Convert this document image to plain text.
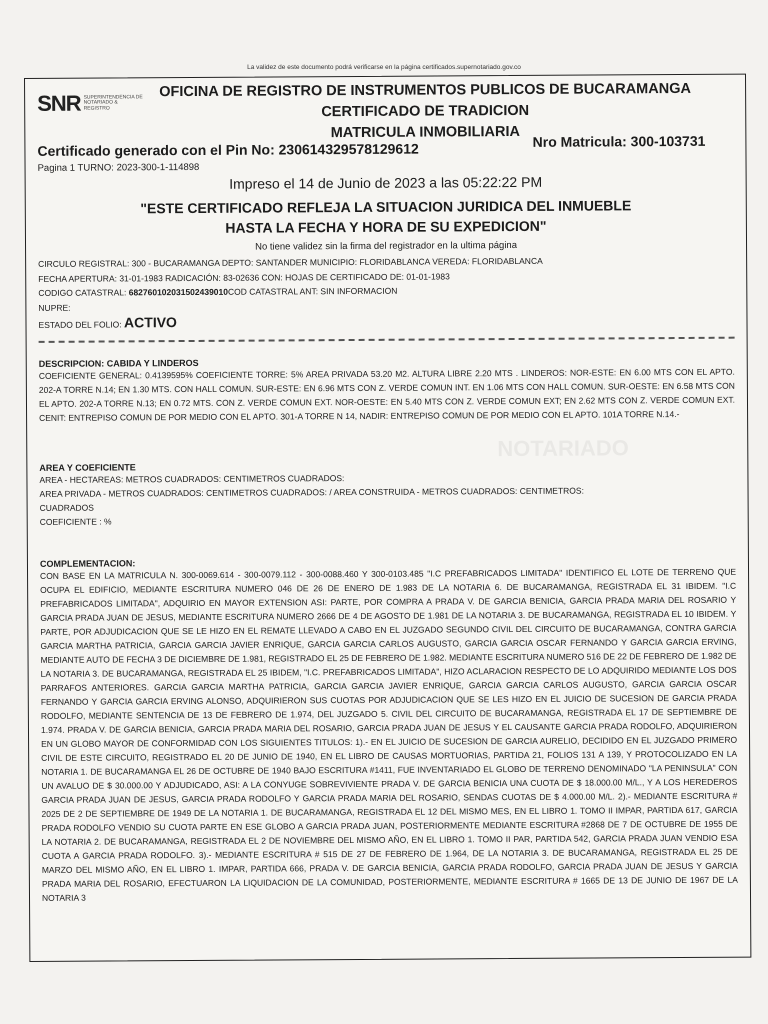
La validez de este documento podrá verificarse en la página certificados.supernotariado.gov.co
SNR SUPERINTENDENCIA DE NOTARIADO & REGISTRO
OFICINA DE REGISTRO DE INSTRUMENTOS PUBLICOS DE BUCARAMANGA
CERTIFICADO DE TRADICION
MATRICULA INMOBILIARIA
Certificado generado con el Pin No: 230614329578129612	Nro Matricula: 300-103731
Pagina 1 TURNO: 2023-300-1-114898
Impreso el 14 de Junio de 2023 a las 05:22:22 PM
"ESTE CERTIFICADO REFLEJA LA SITUACION JURIDICA DEL INMUEBLE
HASTA LA FECHA Y HORA DE SU EXPEDICION"
No tiene validez sin la firma del registrador en la ultima página
CIRCULO REGISTRAL: 300 - BUCARAMANGA DEPTO: SANTANDER MUNICIPIO: FLORIDABLANCA VEREDA: FLORIDABLANCA
FECHA APERTURA: 31-01-1983 RADICACIÓN: 83-02636 CON: HOJAS DE CERTIFICADO DE: 01-01-1983
CODIGO CATASTRAL: 682760102031502439010COD CATASTRAL ANT: SIN INFORMACION
NUPRE:
ESTADO DEL FOLIO: ACTIVO
NOTARIADO
DESCRIPCION: CABIDA Y LINDEROS
COEFICIENTE GENERAL: 0.4139595% COEFICIENTE TORRE: 5% AREA PRIVADA 53.20 M2. ALTURA LIBRE 2.20 MTS . LINDEROS: NOR-ESTE: EN 6.00 MTS CON EL APTO. 202-A TORRE N.14; EN 1.30 MTS. CON HALL COMUN. SUR-ESTE: EN 6.96 MTS CON Z. VERDE COMUN INT. EN 1.06 MTS CON HALL COMUN. SUR-OESTE: EN 6.58 MTS CON EL APTO. 202-A TORRE N.13; EN 0.72 MTS. CON Z. VERDE COMUN EXT. NOR-OESTE: EN 5.40 MTS CON Z. VERDE COMUN EXT; EN 2.62 MTS CON Z. VERDE COMUN EXT. CENIT: ENTREPISO COMUN DE POR MEDIO CON EL APTO. 301-A TORRE N 14, NADIR: ENTREPISO COMUN DE POR MEDIO CON EL APTO. 101A TORRE N.14.-
AREA Y COEFICIENTE
AREA - HECTAREAS: METROS CUADRADOS: CENTIMETROS CUADRADOS:
AREA PRIVADA - METROS CUADRADOS: CENTIMETROS CUADRADOS: / AREA CONSTRUIDA - METROS CUADRADOS: CENTIMETROS:
CUADRADOS
COEFICIENTE : %
COMPLEMENTACION:
CON BASE EN LA MATRICULA N. 300-0069.614 - 300-0079.112 - 300-0088.460 Y 300-0103.485 "I.C PREFABRICADOS LIMITADA" IDENTIFICO EL LOTE DE TERRENO QUE OCUPA EL EDIFICIO, MEDIANTE ESCRITURA NUMERO 046 DE 26 DE ENERO DE 1.983 DE LA NOTARIA 6. DE BUCARAMANGA, REGISTRADA EL 31 IBIDEM. "I.C PREFABRICADOS LIMITADA", ADQUIRIO EN MAYOR EXTENSION ASI: PARTE, POR COMPRA A PRADA V. DE GARCIA BENICIA, GARCIA PRADA MARIA DEL ROSARIO Y GARCIA PRADA JUAN DE JESUS, MEDIANTE ESCRITURA NUMERO 2666 DE 4 DE AGOSTO DE 1.981 DE LA NOTARIA 3. DE BUCARAMANGA, REGISTRADA EL 10 IBIDEM. Y PARTE, POR ADJUDICACION QUE SE LE HIZO EN EL REMATE LLEVADO A CABO EN EL JUZGADO SEGUNDO CIVIL DEL CIRCUITO DE BUCARAMANGA, CONTRA GARCIA GARCIA MARTHA PATRICIA, GARCIA GARCIA JAVIER ENRIQUE, GARCIA GARCIA CARLOS AUGUSTO, GARCIA GARCIA OSCAR FERNANDO Y GARCIA GARCIA ERVING, MEDIANTE AUTO DE FECHA 3 DE DICIEMBRE DE 1.981, REGISTRADO EL 25 DE FEBRERO DE 1.982. MEDIANTE ESCRITURA NUMERO 516 DE 22 DE FEBRERO DE 1.982 DE LA NOTARIA 3. DE BUCARAMANGA, REGISTRADA EL 25 IBIDEM, "I.C. PREFABRICADOS LIMITADA", HIZO ACLARACION RESPECTO DE LO ADQUIRIDO MEDIANTE LOS DOS PARRAFOS ANTERIORES. GARCIA GARCIA MARTHA PATRICIA, GARCIA GARCIA JAVIER ENRIQUE, GARCIA GARCIA CARLOS AUGUSTO, GARCIA GARCIA OSCAR FERNANDO Y GARCIA GARCIA ERVING ALONSO, ADQUIRIERON SUS CUOTAS POR ADJUDICACION QUE SE LES HIZO EN EL JUICIO DE SUCESION DE GARCIA PRADA RODOLFO, MEDIANTE SENTENCIA DE 13 DE FEBRERO DE 1.974, DEL JUZGADO 5. CIVIL DEL CIRCUITO DE BUCARAMANGA, REGISTRADA EL 17 DE SEPTIEMBRE DE 1.974. PRADA V. DE GARCIA BENICIA, GARCIA PRADA MARIA DEL ROSARIO, GARCIA PRADA JUAN DE JESUS Y EL CAUSANTE GARCIA PRADA RODOLFO, ADQUIRIERON EN UN GLOBO MAYOR DE CONFORMIDAD CON LOS SIGUIENTES TITULOS: 1).- EN EL JUICIO DE SUCESION DE GARCIA AURELIO, DECIDIDO EN EL JUZGADO PRIMERO CIVIL DE ESTE CIRCUITO, REGISTRADO EL 20 DE JUNIO DE 1940, EN EL LIBRO DE CAUSAS MORTUORIAS, PARTIDA 21, FOLIOS 131 A 139, Y PROTOCOLIZADO EN LA NOTARIA 1. DE BUCARAMANGA EL 26 DE OCTUBRE DE 1940 BAJO ESCRITURA #1411, FUE INVENTARIADO EL GLOBO DE TERRENO DENOMINADO "LA PENINSULA" CON UN AVALUO DE $ 30.000.00 Y ADJUDICADO, ASI: A LA CONYUGE SOBREVIVIENTE PRADA V. DE GARCIA BENICIA UNA CUOTA DE $ 18.000.00 M/L., Y A LOS HEREDEROS GARCIA PRADA JUAN DE JESUS, GARCIA PRADA RODOLFO Y GARCIA PRADA MARIA DEL ROSARIO, SENDAS CUOTAS DE $ 4.000.00 M/L. 2).- MEDIANTE ESCRITURA # 2025 DE 2 DE SEPTIEMBRE DE 1949 DE LA NOTARIA 1. DE BUCARAMANGA, REGISTRADA EL 12 DEL MISMO MES, EN EL LIBRO 1. TOMO II IMPAR, PARTIDA 617, GARCIA PRADA RODOLFO VENDIO SU CUOTA PARTE EN ESE GLOBO A GARCIA PRADA JUAN, POSTERIORMENTE MEDIANTE ESCRITURA #2868 DE 7 DE OCTUBRE DE 1955 DE LA NOTARIA 2. DE BUCARAMANGA, REGISTRADA EL 2 DE NOVIEMBRE DEL MISMO AÑO, EN EL LIBRO 1. TOMO II PAR, PARTIDA 542, GARCIA PRADA JUAN VENDIO ESA CUOTA A GARCIA PRADA RODOLFO. 3).- MEDIANTE ESCRITURA # 515 DE 27 DE FEBRERO DE 1.964, DE LA NOTARIA 3. DE BUCARAMANGA, REGISTRADA EL 25 DE MARZO DEL MISMO AÑO, EN EL LIBRO 1. IMPAR, PARTIDA 666, PRADA V. DE GARCIA BENICIA, GARCIA PRADA RODOLFO, GARCIA PRADA JUAN DE JESUS Y GARCIA PRADA MARIA DEL ROSARIO, EFECTUARON LA LIQUIDACION DE LA COMUNIDAD, POSTERIORMENTE, MEDIANTE ESCRITURA # 1665 DE 13 DE JUNIO DE 1967 DE LA NOTARIA 3
